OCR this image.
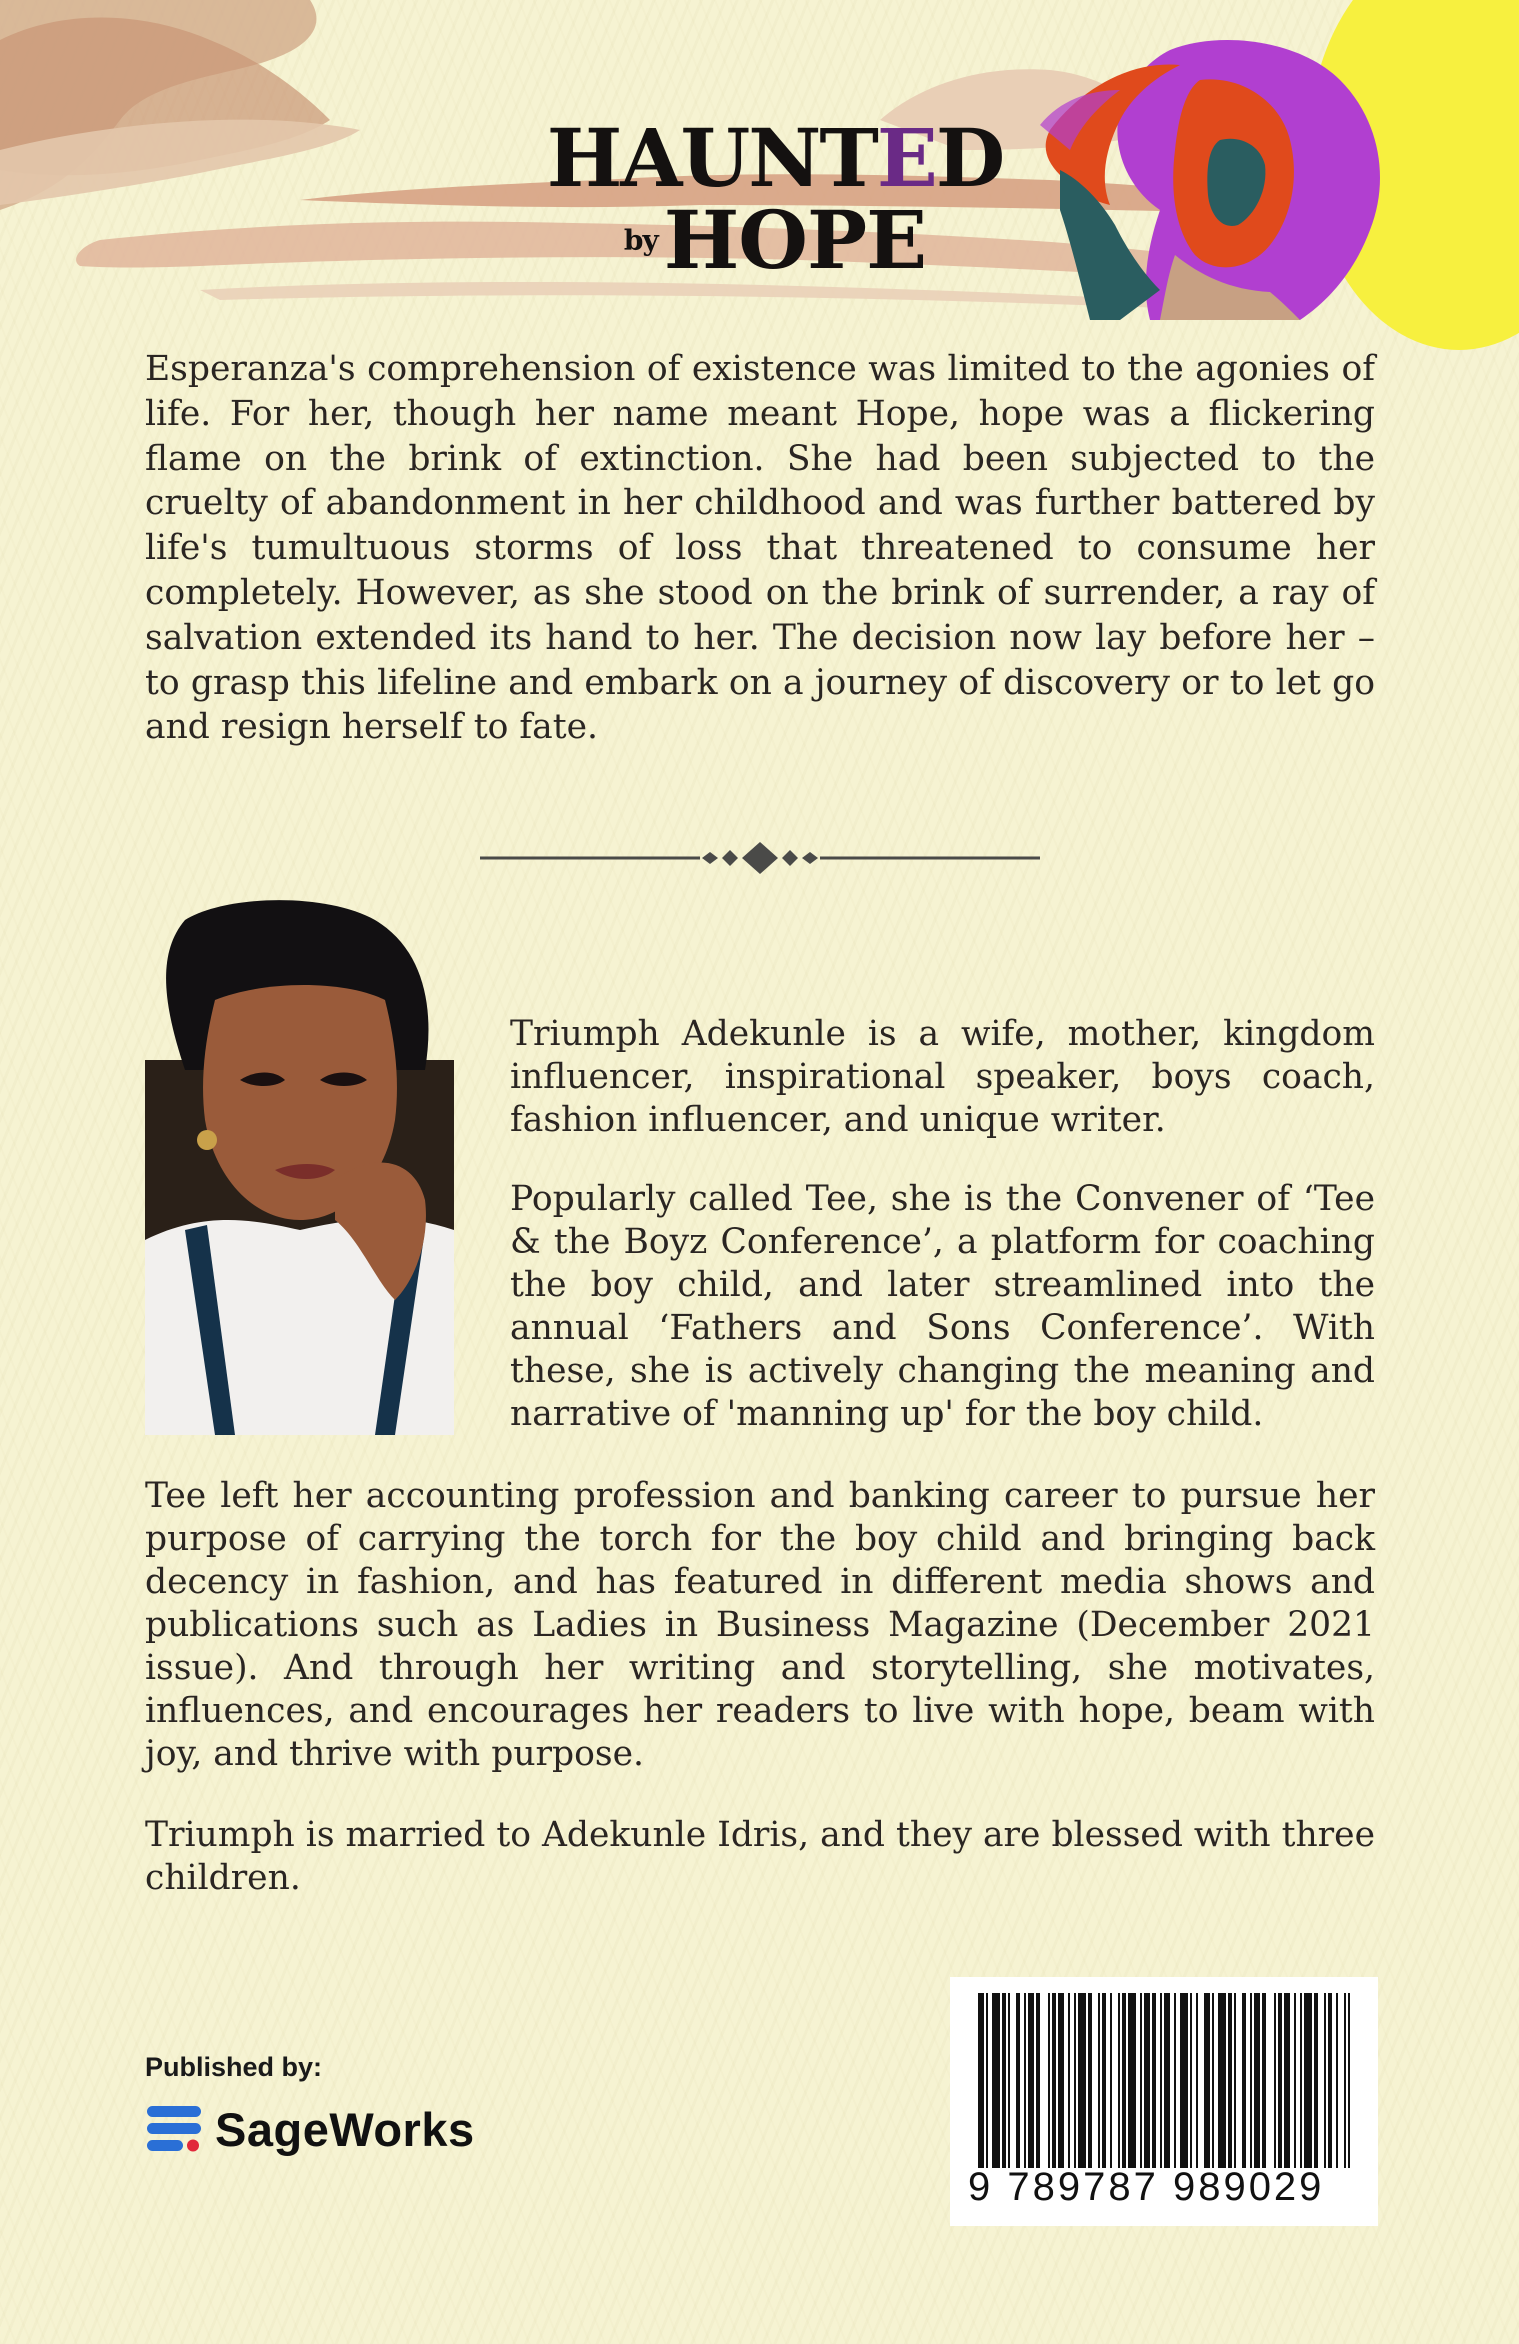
HAUNTED
$^{by}$HOPE

Esperanza's comprehension of existence was limited to the agonies of life. For her, though her name meant Hope, hope was a flickering flame on the brink of extinction. She had been subjected to the cruelty of abandonment in her childhood and was further battered by life's tumultuous storms of loss that threatened to consume her completely. However, as she stood on the brink of surrender, a ray of salvation extended its hand to her. The decision now lay before her – to grasp this lifeline and embark on a journey of discovery or to let go and resign herself to fate.

Triumph Adekunle is a wife, mother, kingdom influencer, inspirational speaker, boys coach, fashion influencer, and unique writer.

Popularly called Tee, she is the Convener of ‘Tee & the Boyz Conference’, a platform for coaching the boy child, and later streamlined into the annual ‘Fathers and Sons Conference’. With these, she is actively changing the meaning and narrative of 'manning up' for the boy child.

Tee left her accounting profession and banking career to pursue her purpose of carrying the torch for the boy child and bringing back decency in fashion, and has featured in different media shows and publications such as Ladies in Business Magazine (December 2021 issue). And through her writing and storytelling, she motivates, influences, and encourages her readers to live with hope, beam with joy, and thrive with purpose.

Triumph is married to Adekunle Idris, and they are blessed with three children.

Published by:
SageWorks
9 789787 989029
